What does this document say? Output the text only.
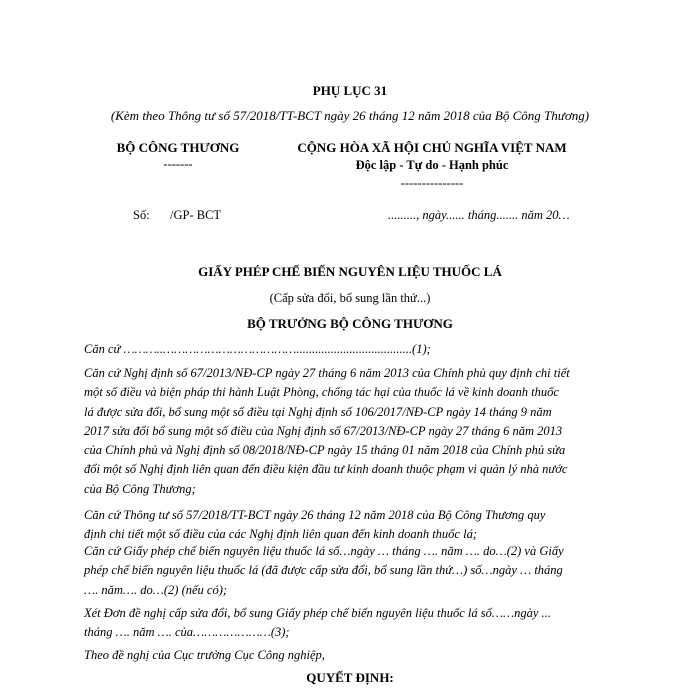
PHỤ LỤC 31
(Kèm theo Thông tư số 57/2018/TT-BCT ngày 26 tháng 12 năm 2018 của Bộ Công Thương)
BỘ CÔNG THƯƠNG
-------
CỘNG HÒA XÃ HỘI CHỦ NGHĨA VIỆT NAM
Độc lập - Tự do - Hạnh phúc
---------------
Số: /GP- BCT	........., ngày...... tháng....... năm 20…
GIẤY PHÉP CHẾ BIẾN NGUYÊN LIỆU THUỐC LÁ
(Cấp sửa đổi, bổ sung lần thứ...)
BỘ TRƯỞNG BỘ CÔNG THƯƠNG
Căn cứ ………..……………………………….....................................(1);
Căn cứ Nghị định số 67/2013/NĐ-CP ngày 27 tháng 6 năm 2013 của Chính phủ quy định chi tiết
một số điều và biện pháp thi hành Luật Phòng, chống tác hại của thuốc lá về kinh doanh thuốc
lá được sửa đổi, bổ sung một số điều tại Nghị định số 106/2017/NĐ-CP ngày 14 tháng 9 năm
2017 sửa đổi bổ sung một số điều của Nghị định số 67/2013/NĐ-CP ngày 27 tháng 6 năm 2013
của Chính phủ và Nghị định số 08/2018/NĐ-CP ngày 15 tháng 01 năm 2018 của Chính phủ sửa
đổi một số Nghị định liên quan đến điều kiện đầu tư kinh doanh thuộc phạm vi quản lý nhà nước
của Bộ Công Thương;
Căn cứ Thông tư số 57/2018/TT-BCT ngày 26 tháng 12 năm 2018 của Bộ Công Thương quy
định chi tiết một số điều của các Nghị định liên quan đến kinh doanh thuốc lá;
Căn cứ Giấy phép chế biến nguyên liệu thuốc lá số…ngày … tháng …. năm …. do…(2) và Giấy
phép chế biến nguyên liệu thuốc lá (đã được cấp sửa đổi, bổ sung lần thứ…) số…ngày … tháng
…. năm…. do…(2) (nếu có);
Xét Đơn đề nghị cấp sửa đổi, bổ sung Giấy phép chế biến nguyên liệu thuốc lá số……ngày ...
tháng …. năm …. của…………………(3);
Theo đề nghị của Cục trưởng Cục Công nghiệp,
QUYẾT ĐỊNH:
